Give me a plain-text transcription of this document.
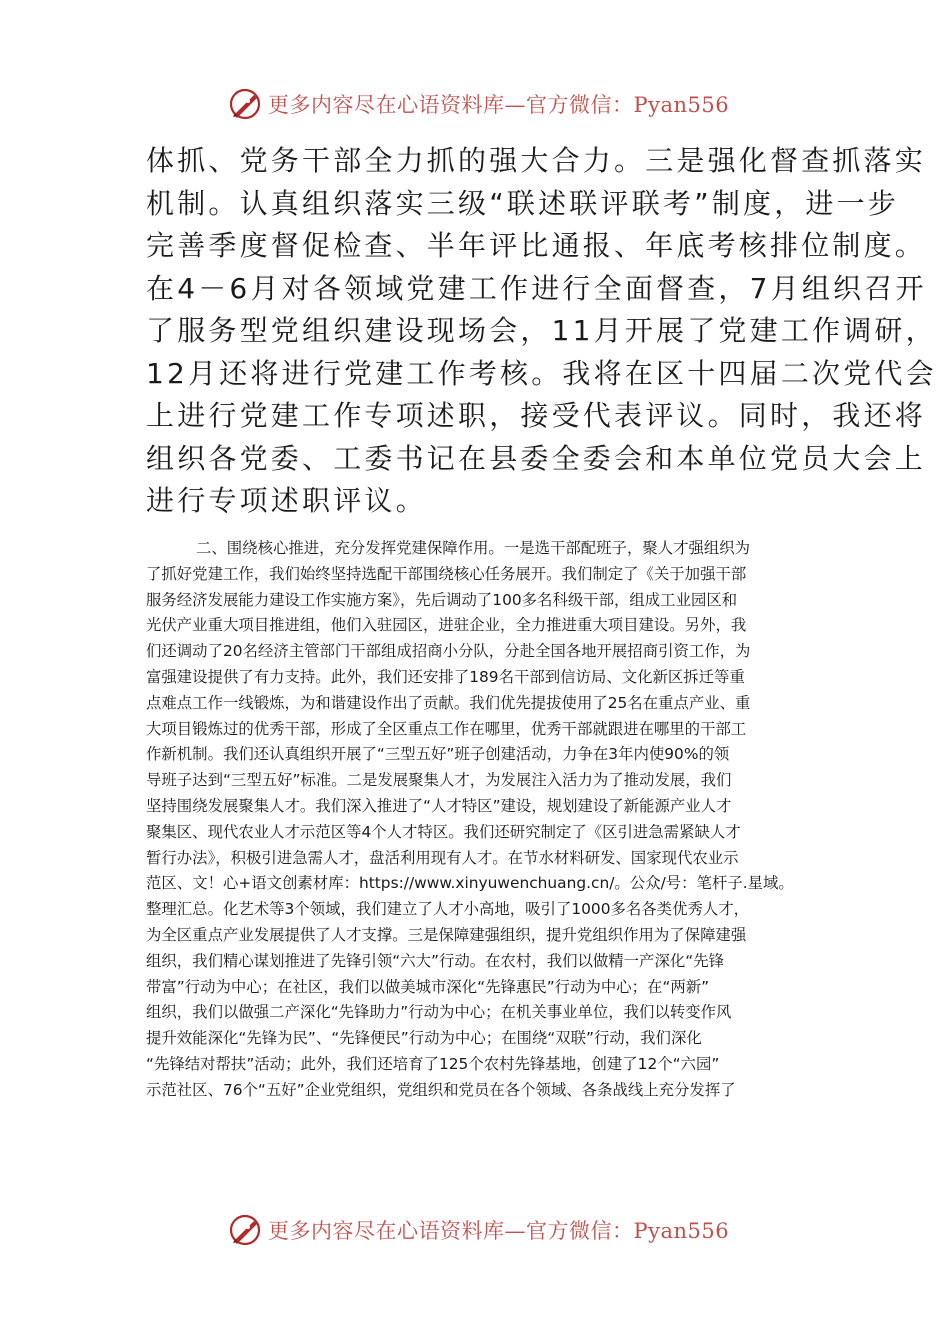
更多内容尽在心语资料库—官方微信：Pyan556
体抓、党务干部全力抓的强大合力。三是强化督查抓落实
机制。认真组织落实三级“联述联评联考”制度，进一步
完善季度督促检查、半年评比通报、年底考核排位制度。
在4－6月对各领域党建工作进行全面督查，7月组织召开
了服务型党组织建设现场会，11月开展了党建工作调研，
12月还将进行党建工作考核。我将在区十四届二次党代会
上进行党建工作专项述职，接受代表评议。同时，我还将
组织各党委、工委书记在县委全委会和本单位党员大会上
进行专项述职评议。
二、围绕核心推进，充分发挥党建保障作用。一是选干部配班子，聚人才强组织为
了抓好党建工作，我们始终坚持选配干部围绕核心任务展开。我们制定了《关于加强干部
服务经济发展能力建设工作实施方案》，先后调动了100多名科级干部，组成工业园区和
光伏产业重大项目推进组，他们入驻园区，进驻企业，全力推进重大项目建设。另外，我
们还调动了20名经济主管部门干部组成招商小分队，分赴全国各地开展招商引资工作，为
富强建设提供了有力支持。此外，我们还安排了189名干部到信访局、文化新区拆迁等重
点难点工作一线锻炼，为和谐建设作出了贡献。我们优先提拔使用了25名在重点产业、重
大项目锻炼过的优秀干部，形成了全区重点工作在哪里，优秀干部就跟进在哪里的干部工
作新机制。我们还认真组织开展了“三型五好”班子创建活动，力争在3年内使90%的领
导班子达到“三型五好”标准。二是发展聚集人才，为发展注入活力为了推动发展，我们
坚持围绕发展聚集人才。我们深入推进了“人才特区”建设，规划建设了新能源产业人才
聚集区、现代农业人才示范区等4个人才特区。我们还研究制定了《区引进急需紧缺人才
暂行办法》，积极引进急需人才，盘活利用现有人才。在节水材料研发、国家现代农业示
范区、文！心+语文创素材库：https://www.xinyuwenchuang.cn/。公众/号：笔杆子.星域。
整理汇总。化艺术等3个领域，我们建立了人才小高地，吸引了1000多名各类优秀人才，
为全区重点产业发展提供了人才支撑。三是保障建强组织，提升党组织作用为了保障建强
组织，我们精心谋划推进了先锋引领“六大”行动。在农村，我们以做精一产深化“先锋
带富”行动为中心；在社区，我们以做美城市深化“先锋惠民”行动为中心；在“两新”
组织，我们以做强二产深化“先锋助力”行动为中心；在机关事业单位，我们以转变作风
提升效能深化“先锋为民”、“先锋便民”行动为中心；在围绕“双联”行动，我们深化
“先锋结对帮扶”活动；此外，我们还培育了125个农村先锋基地，创建了12个“六园”
示范社区、76个“五好”企业党组织，党组织和党员在各个领域、各条战线上充分发挥了
更多内容尽在心语资料库—官方微信：Pyan556
